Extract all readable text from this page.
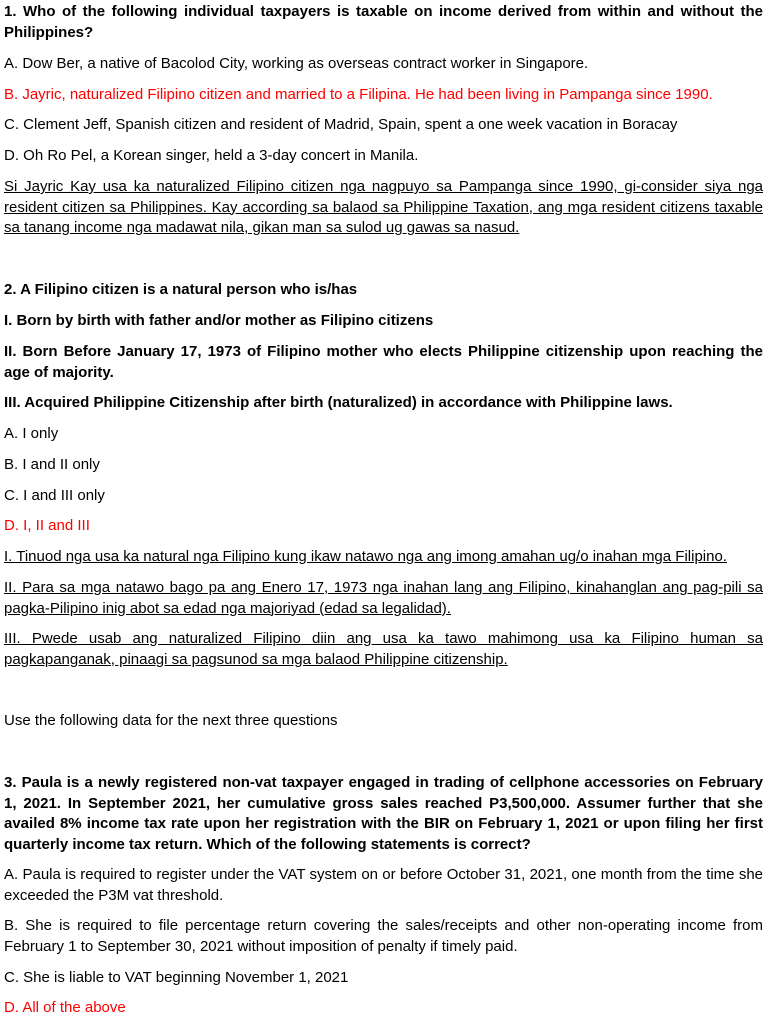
1. Who of the following individual taxpayers is taxable on income derived from within and without the Philippines?

A. Dow Ber, a native of Bacolod City, working as overseas contract worker in Singapore.

B. Jayric, naturalized Filipino citizen and married to a Filipina. He had been living in Pampanga since 1990.

C. Clement Jeff, Spanish citizen and resident of Madrid, Spain, spent a one week vacation in Boracay

D. Oh Ro Pel, a Korean singer, held a 3-day concert in Manila.

Si Jayric Kay usa ka naturalized Filipino citizen nga nagpuyo sa Pampanga since 1990, gi-consider siya nga resident citizen sa Philippines. Kay according sa balaod sa Philippine Taxation, ang mga resident citizens taxable sa tanang income nga madawat nila, gikan man sa sulod ug gawas sa nasud.

2. A Filipino citizen is a natural person who is/has

I. Born by birth with father and/or mother as Filipino citizens

II. Born Before January 17, 1973 of Filipino mother who elects Philippine citizenship upon reaching the age of majority.

III. Acquired Philippine Citizenship after birth (naturalized) in accordance with Philippine laws.

A. I only

B. I and II only

C. I and III only

D. I, II and III

I. Tinuod nga usa ka natural nga Filipino kung ikaw natawo nga ang imong amahan ug/o inahan mga Filipino.

II. Para sa mga natawo bago pa ang Enero 17, 1973 nga inahan lang ang Filipino, kinahanglan ang pag-pili sa pagka-Pilipino inig abot sa edad nga majoriyad (edad sa legalidad).

III. Pwede usab ang naturalized Filipino diin ang usa ka tawo mahimong usa ka Filipino human sa pagkapanganak, pinaagi sa pagsunod sa mga balaod Philippine citizenship.

Use the following data for the next three questions

3. Paula is a newly registered non-vat taxpayer engaged in trading of cellphone accessories on February 1, 2021. In September 2021, her cumulative gross sales reached P3,500,000. Assumer further that she availed 8% income tax rate upon her registration with the BIR on February 1, 2021 or upon filing her first quarterly income tax return. Which of the following statements is correct?

A. Paula is required to register under the VAT system on or before October 31, 2021, one month from the time she exceeded the P3M vat threshold.

B. She is required to file percentage return covering the sales/receipts and other non-operating income from February 1 to September 30, 2021 without imposition of penalty if timely paid.

C. She is liable to VAT beginning November 1, 2021

D. All of the above
